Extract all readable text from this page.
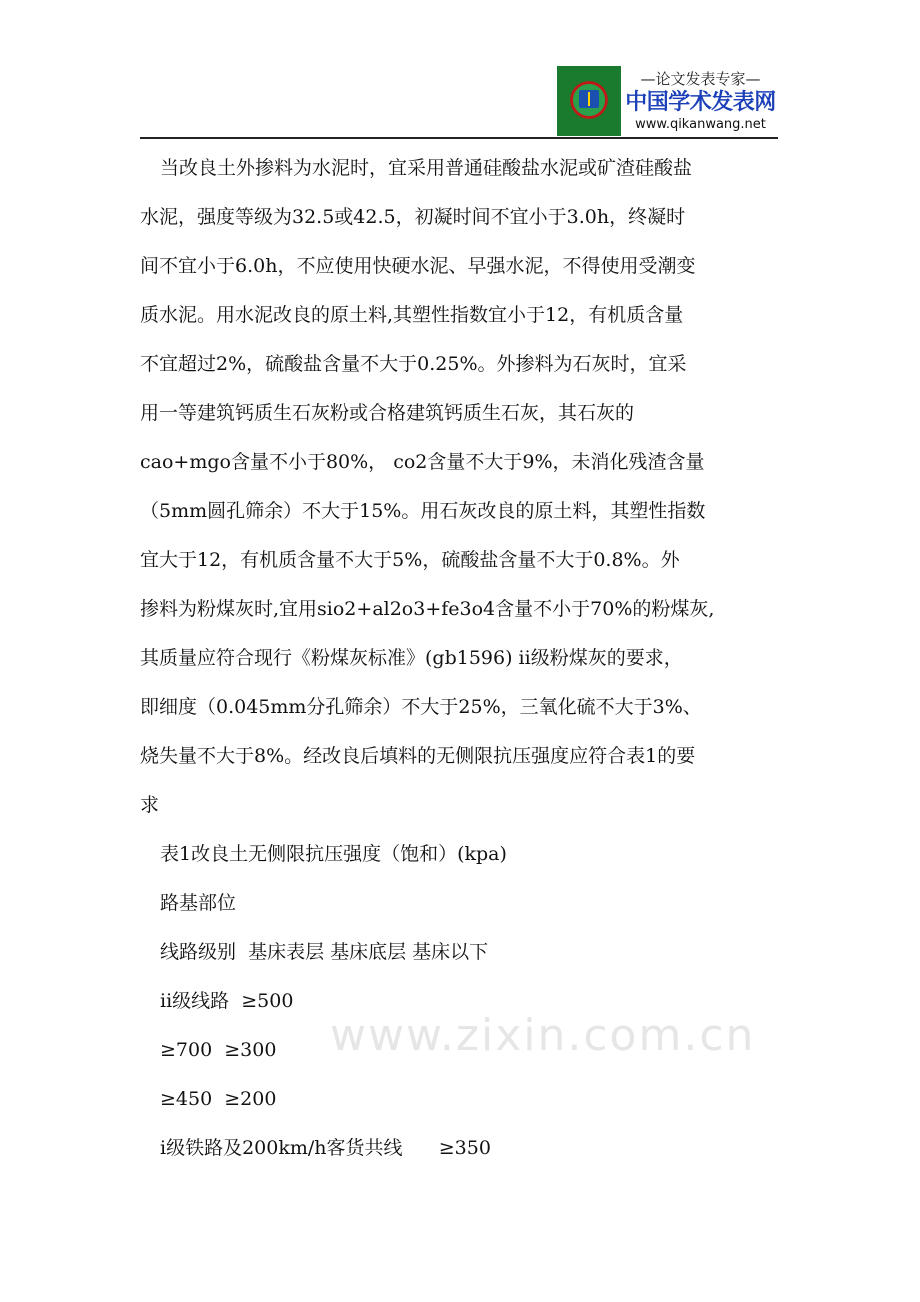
—论文发表专家—
中国学术发表网
www.qikanwang.net

当改良土外掺料为水泥时，宜采用普通硅酸盐水泥或矿渣硅酸盐

水泥，强度等级为32.5或42.5，初凝时间不宜小于3.0h，终凝时

间不宜小于6.0h，不应使用快硬水泥、早强水泥，不得使用受潮变

质水泥。用水泥改良的原土料,其塑性指数宜小于12，有机质含量

不宜超过2%，硫酸盐含量不大于0.25%。外掺料为石灰时，宜采

用一等建筑钙质生石灰粉或合格建筑钙质生石灰，其石灰的

cao+mgo含量不小于80%， co2含量不大于9%，未消化残渣含量

（5mm圆孔筛余）不大于15%。用石灰改良的原土料，其塑性指数

宜大于12，有机质含量不大于5%，硫酸盐含量不大于0.8%。外

掺料为粉煤灰时,宜用sio2+al2o3+fe3o4含量不小于70%的粉煤灰,

其质量应符合现行《粉煤灰标准》(gb1596) ii级粉煤灰的要求，

即细度（0.045mm分孔筛余）不大于25%，三氧化硫不大于3%、

烧失量不大于8%。经改良后填料的无侧限抗压强度应符合表1的要

求

表1改良土无侧限抗压强度（饱和）(kpa)

路基部位

线路级别  基床表层 基床底层 基床以下

ii级线路  ≥500

≥700  ≥300

≥450  ≥200

i级铁路及200km/h客货共线      ≥350

www.zixin.com.cn
